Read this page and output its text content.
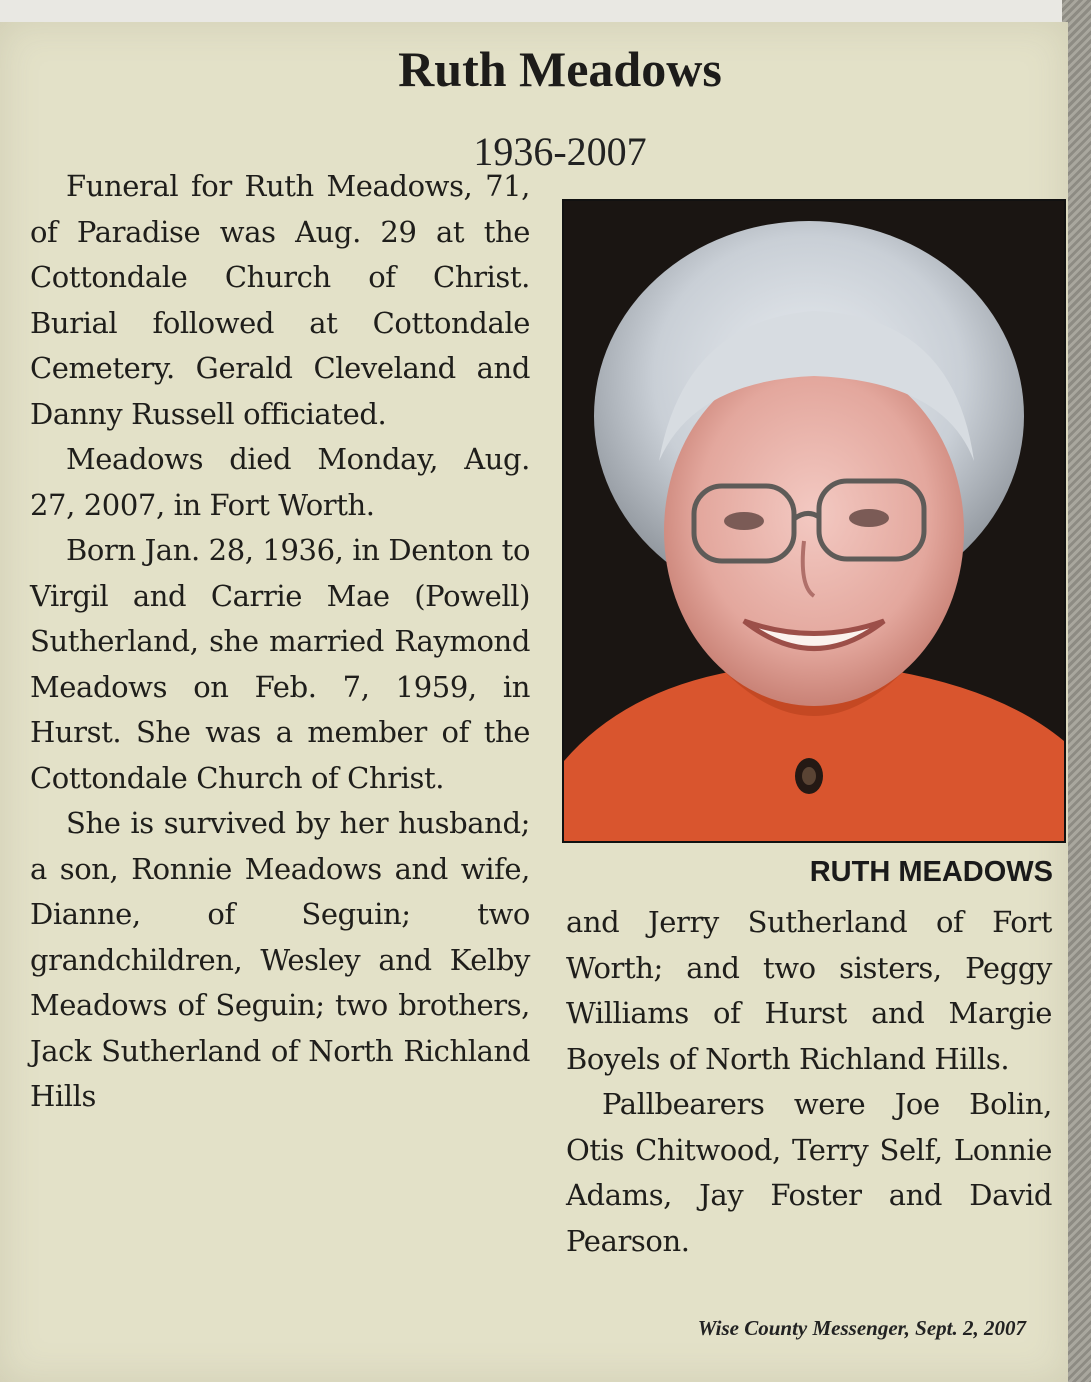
Ruth Meadows
1936-2007

Funeral for Ruth Meadows, 71, of Paradise was Aug. 29 at the Cottondale Church of Christ. Burial followed at Cottondale Cemetery. Gerald Cleveland and Danny Russell officiated.

Meadows died Monday, Aug. 27, 2007, in Fort Worth.

Born Jan. 28, 1936, in Denton to Virgil and Carrie Mae (Powell) Sutherland, she married Raymond Meadows on Feb. 7, 1959, in Hurst. She was a member of the Cottondale Church of Christ.

She is survived by her husband; a son, Ronnie Meadows and wife, Dianne, of Seguin; two grandchildren, Wesley and Kelby Meadows of Seguin; two brothers, Jack Sutherland of North Richland Hills

RUTH MEADOWS

and Jerry Sutherland of Fort Worth; and two sisters, Peggy Williams of Hurst and Margie Boyels of North Richland Hills.

Pallbearers were Joe Bolin, Otis Chitwood, Terry Self, Lonnie Adams, Jay Foster and David Pearson.

Wise County Messenger, Sept. 2, 2007
